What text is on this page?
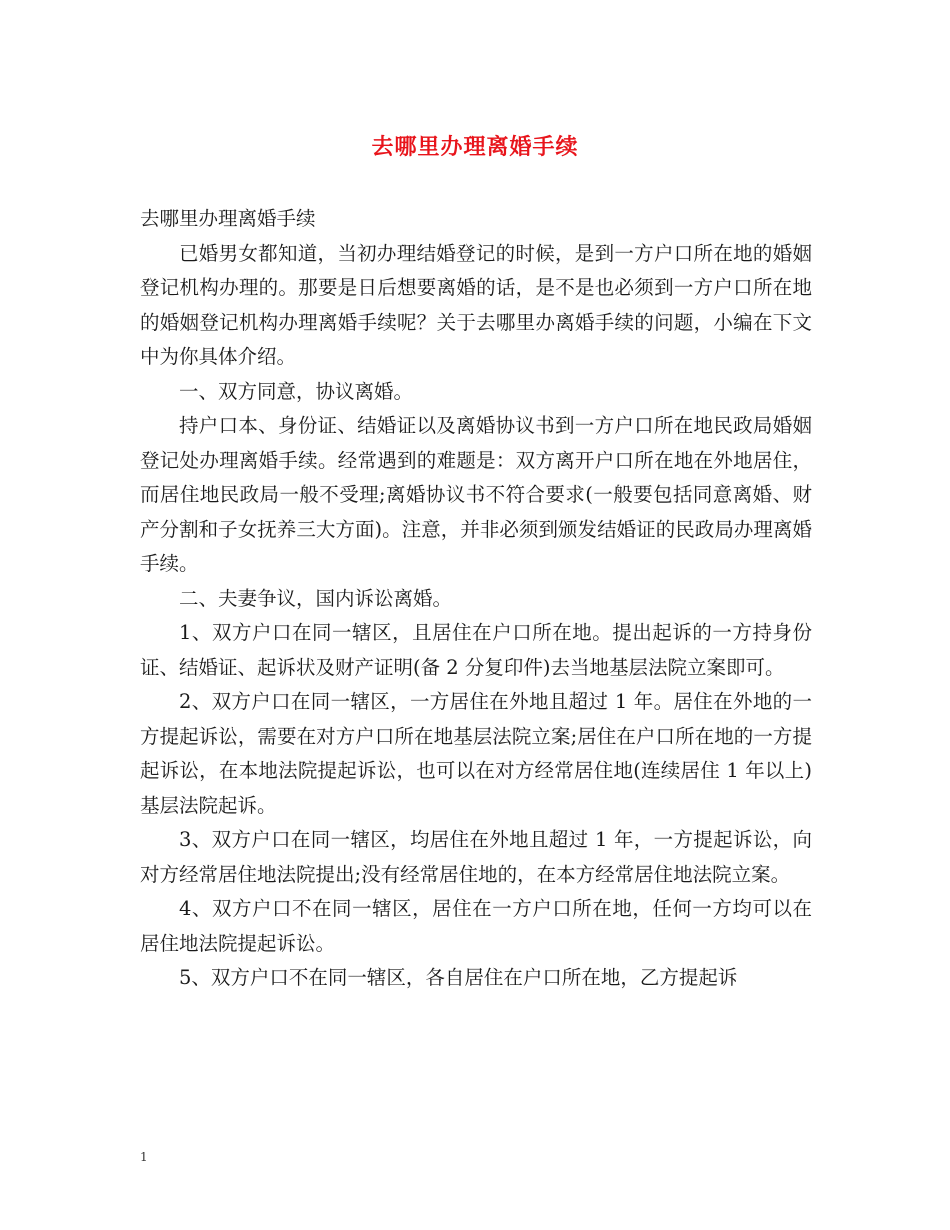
去哪里办理离婚手续

去哪里办理离婚手续

已婚男女都知道，当初办理结婚登记的时候，是到一方户口所在地的婚姻登记机构办理的。那要是日后想要离婚的话，是不是也必须到一方户口所在地的婚姻登记机构办理离婚手续呢？关于去哪里办离婚手续的问题，小编在下文中为你具体介绍。

一、双方同意，协议离婚。

持户口本、身份证、结婚证以及离婚协议书到一方户口所在地民政局婚姻登记处办理离婚手续。经常遇到的难题是：双方离开户口所在地在外地居住，而居住地民政局一般不受理;离婚协议书不符合要求(一般要包括同意离婚、财产分割和子女抚养三大方面)。注意，并非必须到颁发结婚证的民政局办理离婚手续。

二、夫妻争议，国内诉讼离婚。

1、双方户口在同一辖区，且居住在户口所在地。提出起诉的一方持身份证、结婚证、起诉状及财产证明(备 2 分复印件)去当地基层法院立案即可。

2、双方户口在同一辖区，一方居住在外地且超过 1 年。居住在外地的一方提起诉讼，需要在对方户口所在地基层法院立案;居住在户口所在地的一方提起诉讼，在本地法院提起诉讼，也可以在对方经常居住地(连续居住 1 年以上)基层法院起诉。

3、双方户口在同一辖区，均居住在外地且超过 1 年，一方提起诉讼，向对方经常居住地法院提出;没有经常居住地的，在本方经常居住地法院立案。

4、双方户口不在同一辖区，居住在一方户口所在地，任何一方均可以在居住地法院提起诉讼。

5、双方户口不在同一辖区，各自居住在户口所在地，乙方提起诉

1
